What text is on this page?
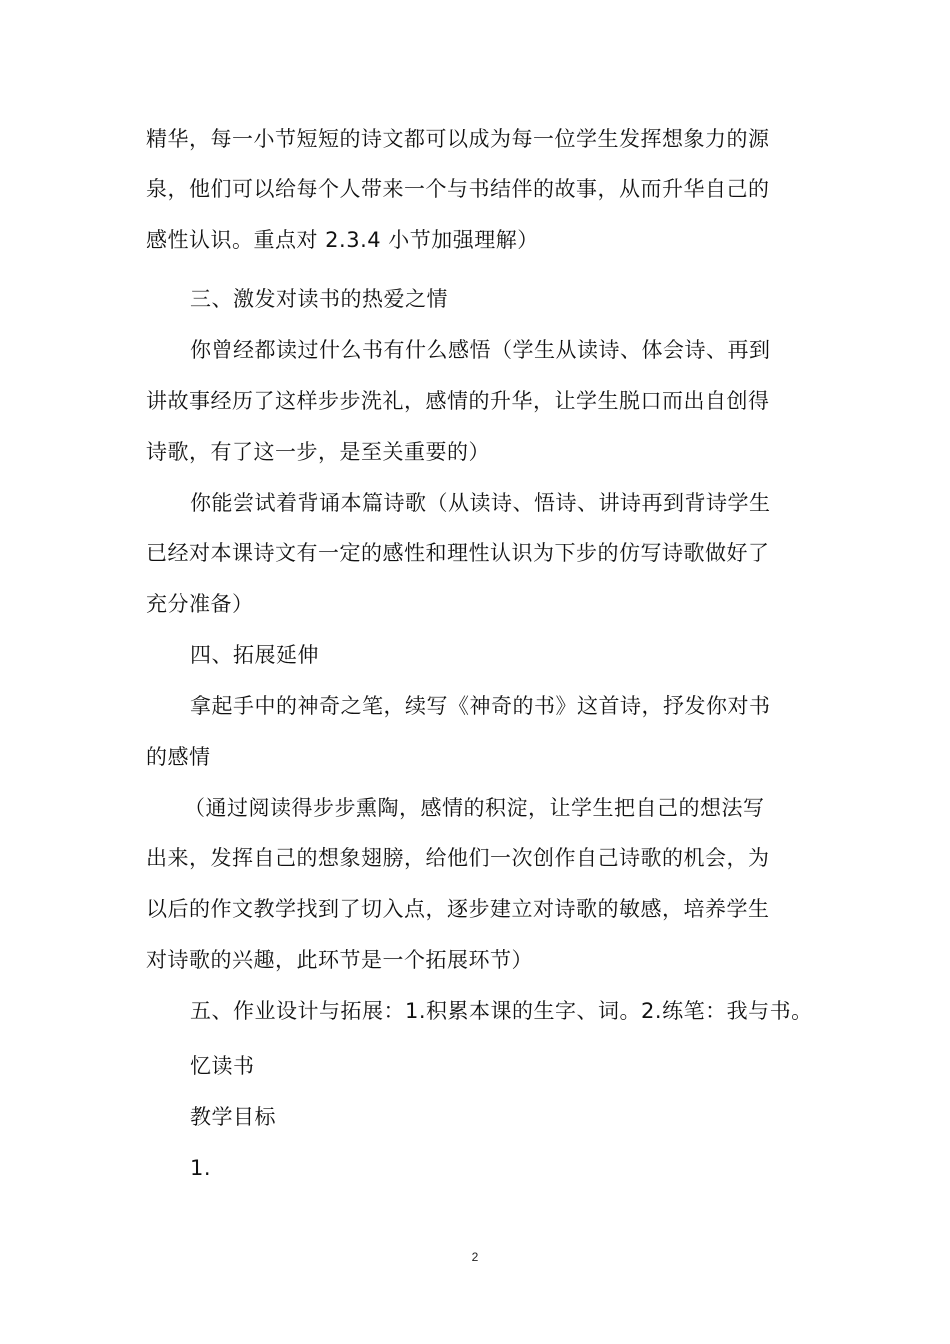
精华，每一小节短短的诗文都可以成为每一位学生发挥想象力的源
泉，他们可以给每个人带来一个与书结伴的故事，从而升华自己的
感性认识。重点对 2.3.4 小节加强理解）
三、激发对读书的热爱之情
你曾经都读过什么书有什么感悟（学生从读诗、体会诗、再到
讲故事经历了这样步步洗礼，感情的升华，让学生脱口而出自创得
诗歌，有了这一步，是至关重要的）
你能尝试着背诵本篇诗歌（从读诗、悟诗、讲诗再到背诗学生
已经对本课诗文有一定的感性和理性认识为下步的仿写诗歌做好了
充分准备）
四、拓展延伸
拿起手中的神奇之笔，续写《神奇的书》这首诗，抒发你对书
的感情
（通过阅读得步步熏陶，感情的积淀，让学生把自己的想法写
出来，发挥自己的想象翅膀，给他们一次创作自己诗歌的机会，为
以后的作文教学找到了切入点，逐步建立对诗歌的敏感，培养学生
对诗歌的兴趣，此环节是一个拓展环节）
五、作业设计与拓展：1.积累本课的生字、词。2.练笔：我与书。
忆读书
教学目标
1.
2
